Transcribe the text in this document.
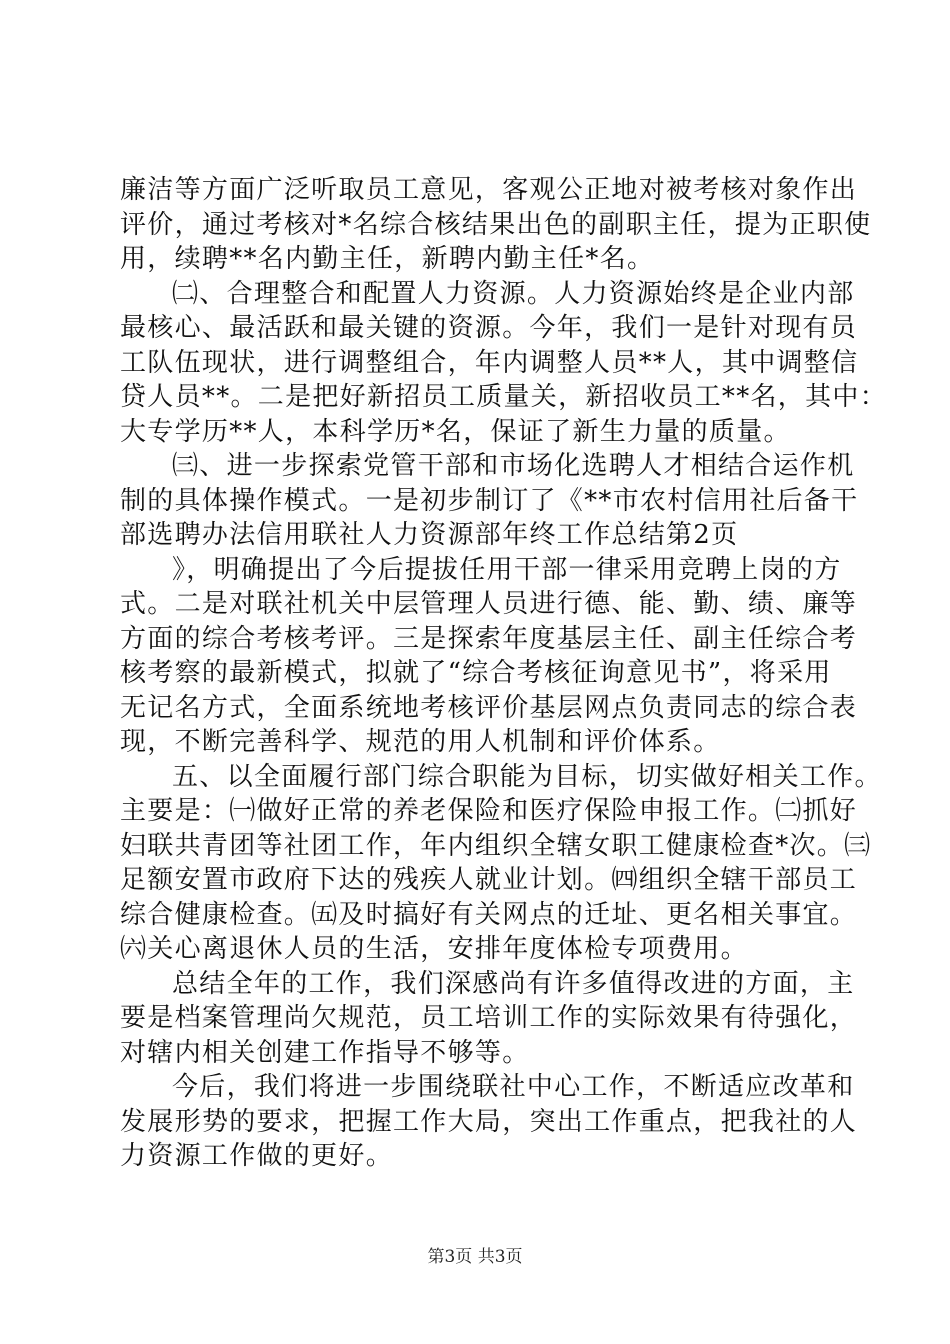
廉洁等方面广泛听取员工意见，客观公正地对被考核对象作出
评价，通过考核对*名综合核结果出色的副职主任，提为正职使
用，续聘**名内勤主任，新聘内勤主任*名。
㈡、合理整合和配置人力资源。人力资源始终是企业内部
最核心、最活跃和最关键的资源。今年，我们一是针对现有员
工队伍现状，进行调整组合，年内调整人员**人，其中调整信
贷人员**。二是把好新招员工质量关，新招收员工**名，其中：
大专学历**人，本科学历*名，保证了新生力量的质量。
㈢、进一步探索党管干部和市场化选聘人才相结合运作机
制的具体操作模式。一是初步制订了《**市农村信用社后备干
部选聘办法信用联社人力资源部年终工作总结第2页
》，明确提出了今后提拔任用干部一律采用竞聘上岗的方
式。二是对联社机关中层管理人员进行德、能、勤、绩、廉等
方面的综合考核考评。三是探索年度基层主任、副主任综合考
核考察的最新模式，拟就了“综合考核征询意见书”，将采用
无记名方式，全面系统地考核评价基层网点负责同志的综合表
现，不断完善科学、规范的用人机制和评价体系。
五、以全面履行部门综合职能为目标，切实做好相关工作。
主要是：㈠做好正常的养老保险和医疗保险申报工作。㈡抓好
妇联共青团等社团工作，年内组织全辖女职工健康检查*次。㈢
足额安置市政府下达的残疾人就业计划。㈣组织全辖干部员工
综合健康检查。㈤及时搞好有关网点的迁址、更名相关事宜。
㈥关心离退休人员的生活，安排年度体检专项费用。
总结全年的工作，我们深感尚有许多值得改进的方面，主
要是档案管理尚欠规范，员工培训工作的实际效果有待强化，
对辖内相关创建工作指导不够等。
今后，我们将进一步围绕联社中心工作，不断适应改革和
发展形势的要求，把握工作大局，突出工作重点，把我社的人
力资源工作做的更好。
第3页 共3页
